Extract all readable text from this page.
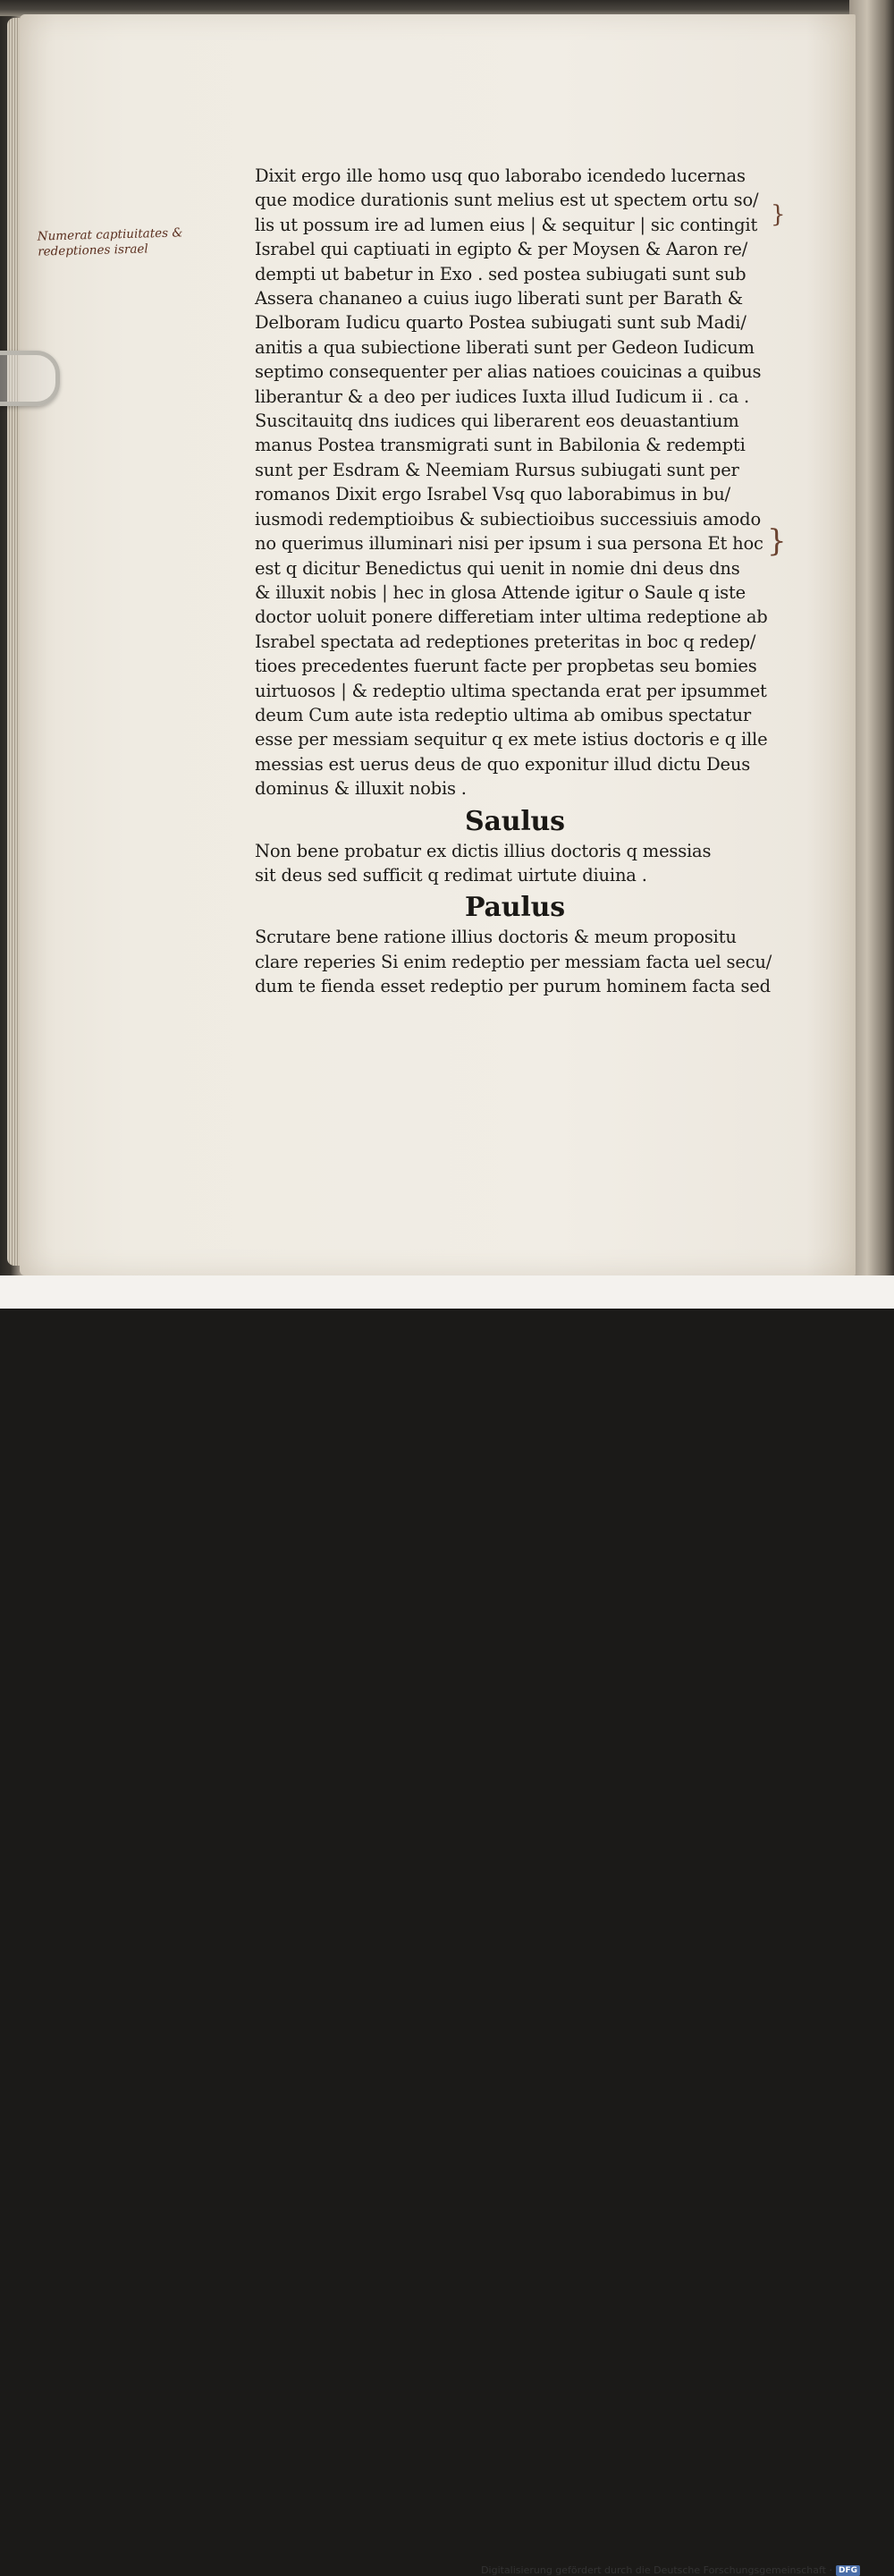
Numerat captiuitates &
redeptiones israel
}
}
Dixit ergo ille homo usq quo laborabo icendedo lucernas
que modice durationis sunt melius est ut spectem ortu so/
lis ut possum ire ad lumen eius | & sequitur | sic contingit
Israbel qui captiuati in egipto & per Moysen & Aaron re/
dempti ut babetur in Exo . sed postea subiugati sunt sub
Assera chananeo a cuius iugo liberati sunt per Barath &
Delboram Iudicu quarto Postea subiugati sunt sub Madi/
anitis a qua subiectione liberati sunt per Gedeon Iudicum
septimo consequenter per alias natioes couicinas a quibus
liberantur & a deo per iudices Iuxta illud Iudicum ii . ca .
Suscitauitq dns iudices qui liberarent eos deuastantium
manus Postea transmigrati sunt in Babilonia & redempti
sunt per Esdram & Neemiam Rursus subiugati sunt per
romanos Dixit ergo Israbel Vsq quo laborabimus in bu/
iusmodi redemptioibus & subiectioibus successiuis amodo
no querimus illuminari nisi per ipsum i sua persona Et hoc
est q dicitur Benedictus qui uenit in nomie dni deus dns
& illuxit nobis | hec in glosa Attende igitur o Saule q iste
doctor uoluit ponere differetiam inter ultima redeptione ab
Israbel spectata ad redeptiones preteritas in boc q redep/
tioes precedentes fuerunt facte per propbetas seu bomies
uirtuosos | & redeptio ultima spectanda erat per ipsummet
deum Cum aute ista redeptio ultima ab omibus spectatur
esse per messiam sequitur q ex mete istius doctoris e q ille
messias est uerus deus de quo exponitur illud dictu Deus
dominus & illuxit nobis .
Saulus
Non bene probatur ex dictis illius doctoris q messias
sit deus sed sufficit q redimat uirtute diuina .
Paulus
Scrutare bene ratione illius doctoris & meum propositu
clare reperies Si enim redeptio per messiam facta uel secu/
dum te fienda esset redeptio per purum hominem facta sed
Digitalisierung gefördert durch die Deutsche Forschungsgemeinschaft · DFG
